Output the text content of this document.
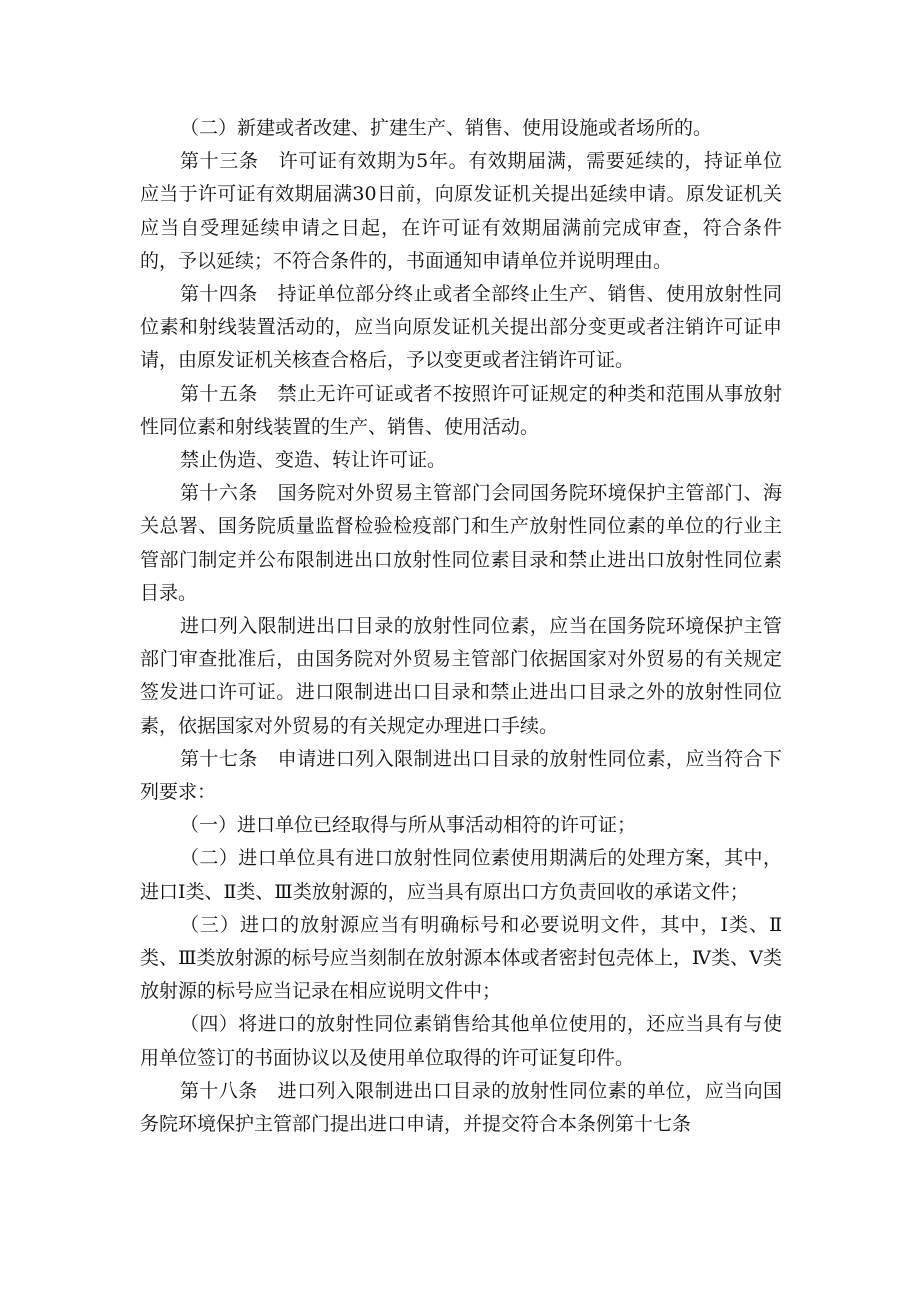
（二）新建或者改建、扩建生产、销售、使用设施或者场所的。

第十三条 许可证有效期为5年。有效期届满，需要延续的，持证单位应当于许可证有效期届满30日前，向原发证机关提出延续申请。原发证机关应当自受理延续申请之日起，在许可证有效期届满前完成审查，符合条件的，予以延续；不符合条件的，书面通知申请单位并说明理由。

第十四条 持证单位部分终止或者全部终止生产、销售、使用放射性同位素和射线装置活动的，应当向原发证机关提出部分变更或者注销许可证申请，由原发证机关核查合格后，予以变更或者注销许可证。

第十五条 禁止无许可证或者不按照许可证规定的种类和范围从事放射性同位素和射线装置的生产、销售、使用活动。

禁止伪造、变造、转让许可证。

第十六条 国务院对外贸易主管部门会同国务院环境保护主管部门、海关总署、国务院质量监督检验检疫部门和生产放射性同位素的单位的行业主管部门制定并公布限制进出口放射性同位素目录和禁止进出口放射性同位素目录。

进口列入限制进出口目录的放射性同位素，应当在国务院环境保护主管部门审查批准后，由国务院对外贸易主管部门依据国家对外贸易的有关规定签发进口许可证。进口限制进出口目录和禁止进出口目录之外的放射性同位素，依据国家对外贸易的有关规定办理进口手续。

第十七条 申请进口列入限制进出口目录的放射性同位素，应当符合下列要求：

（一）进口单位已经取得与所从事活动相符的许可证；

（二）进口单位具有进口放射性同位素使用期满后的处理方案，其中，进口Ⅰ类、Ⅱ类、Ⅲ类放射源的，应当具有原出口方负责回收的承诺文件；

（三）进口的放射源应当有明确标号和必要说明文件，其中，Ⅰ类、Ⅱ类、Ⅲ类放射源的标号应当刻制在放射源本体或者密封包壳体上，Ⅳ类、Ⅴ类放射源的标号应当记录在相应说明文件中；

（四）将进口的放射性同位素销售给其他单位使用的，还应当具有与使用单位签订的书面协议以及使用单位取得的许可证复印件。

第十八条 进口列入限制进出口目录的放射性同位素的单位，应当向国务院环境保护主管部门提出进口申请，并提交符合本条例第十七条
